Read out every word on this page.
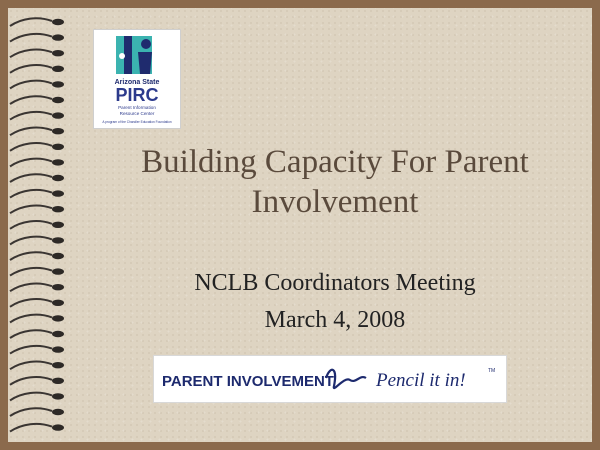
Arizona State
PIRC
Parent Information
Resource Center
A program of the Chandler Education Foundation
Building Capacity For Parent
Involvement
NCLB Coordinators Meeting
March 4, 2008
PARENT INVOLVEMENT Pencil it in!	TM
